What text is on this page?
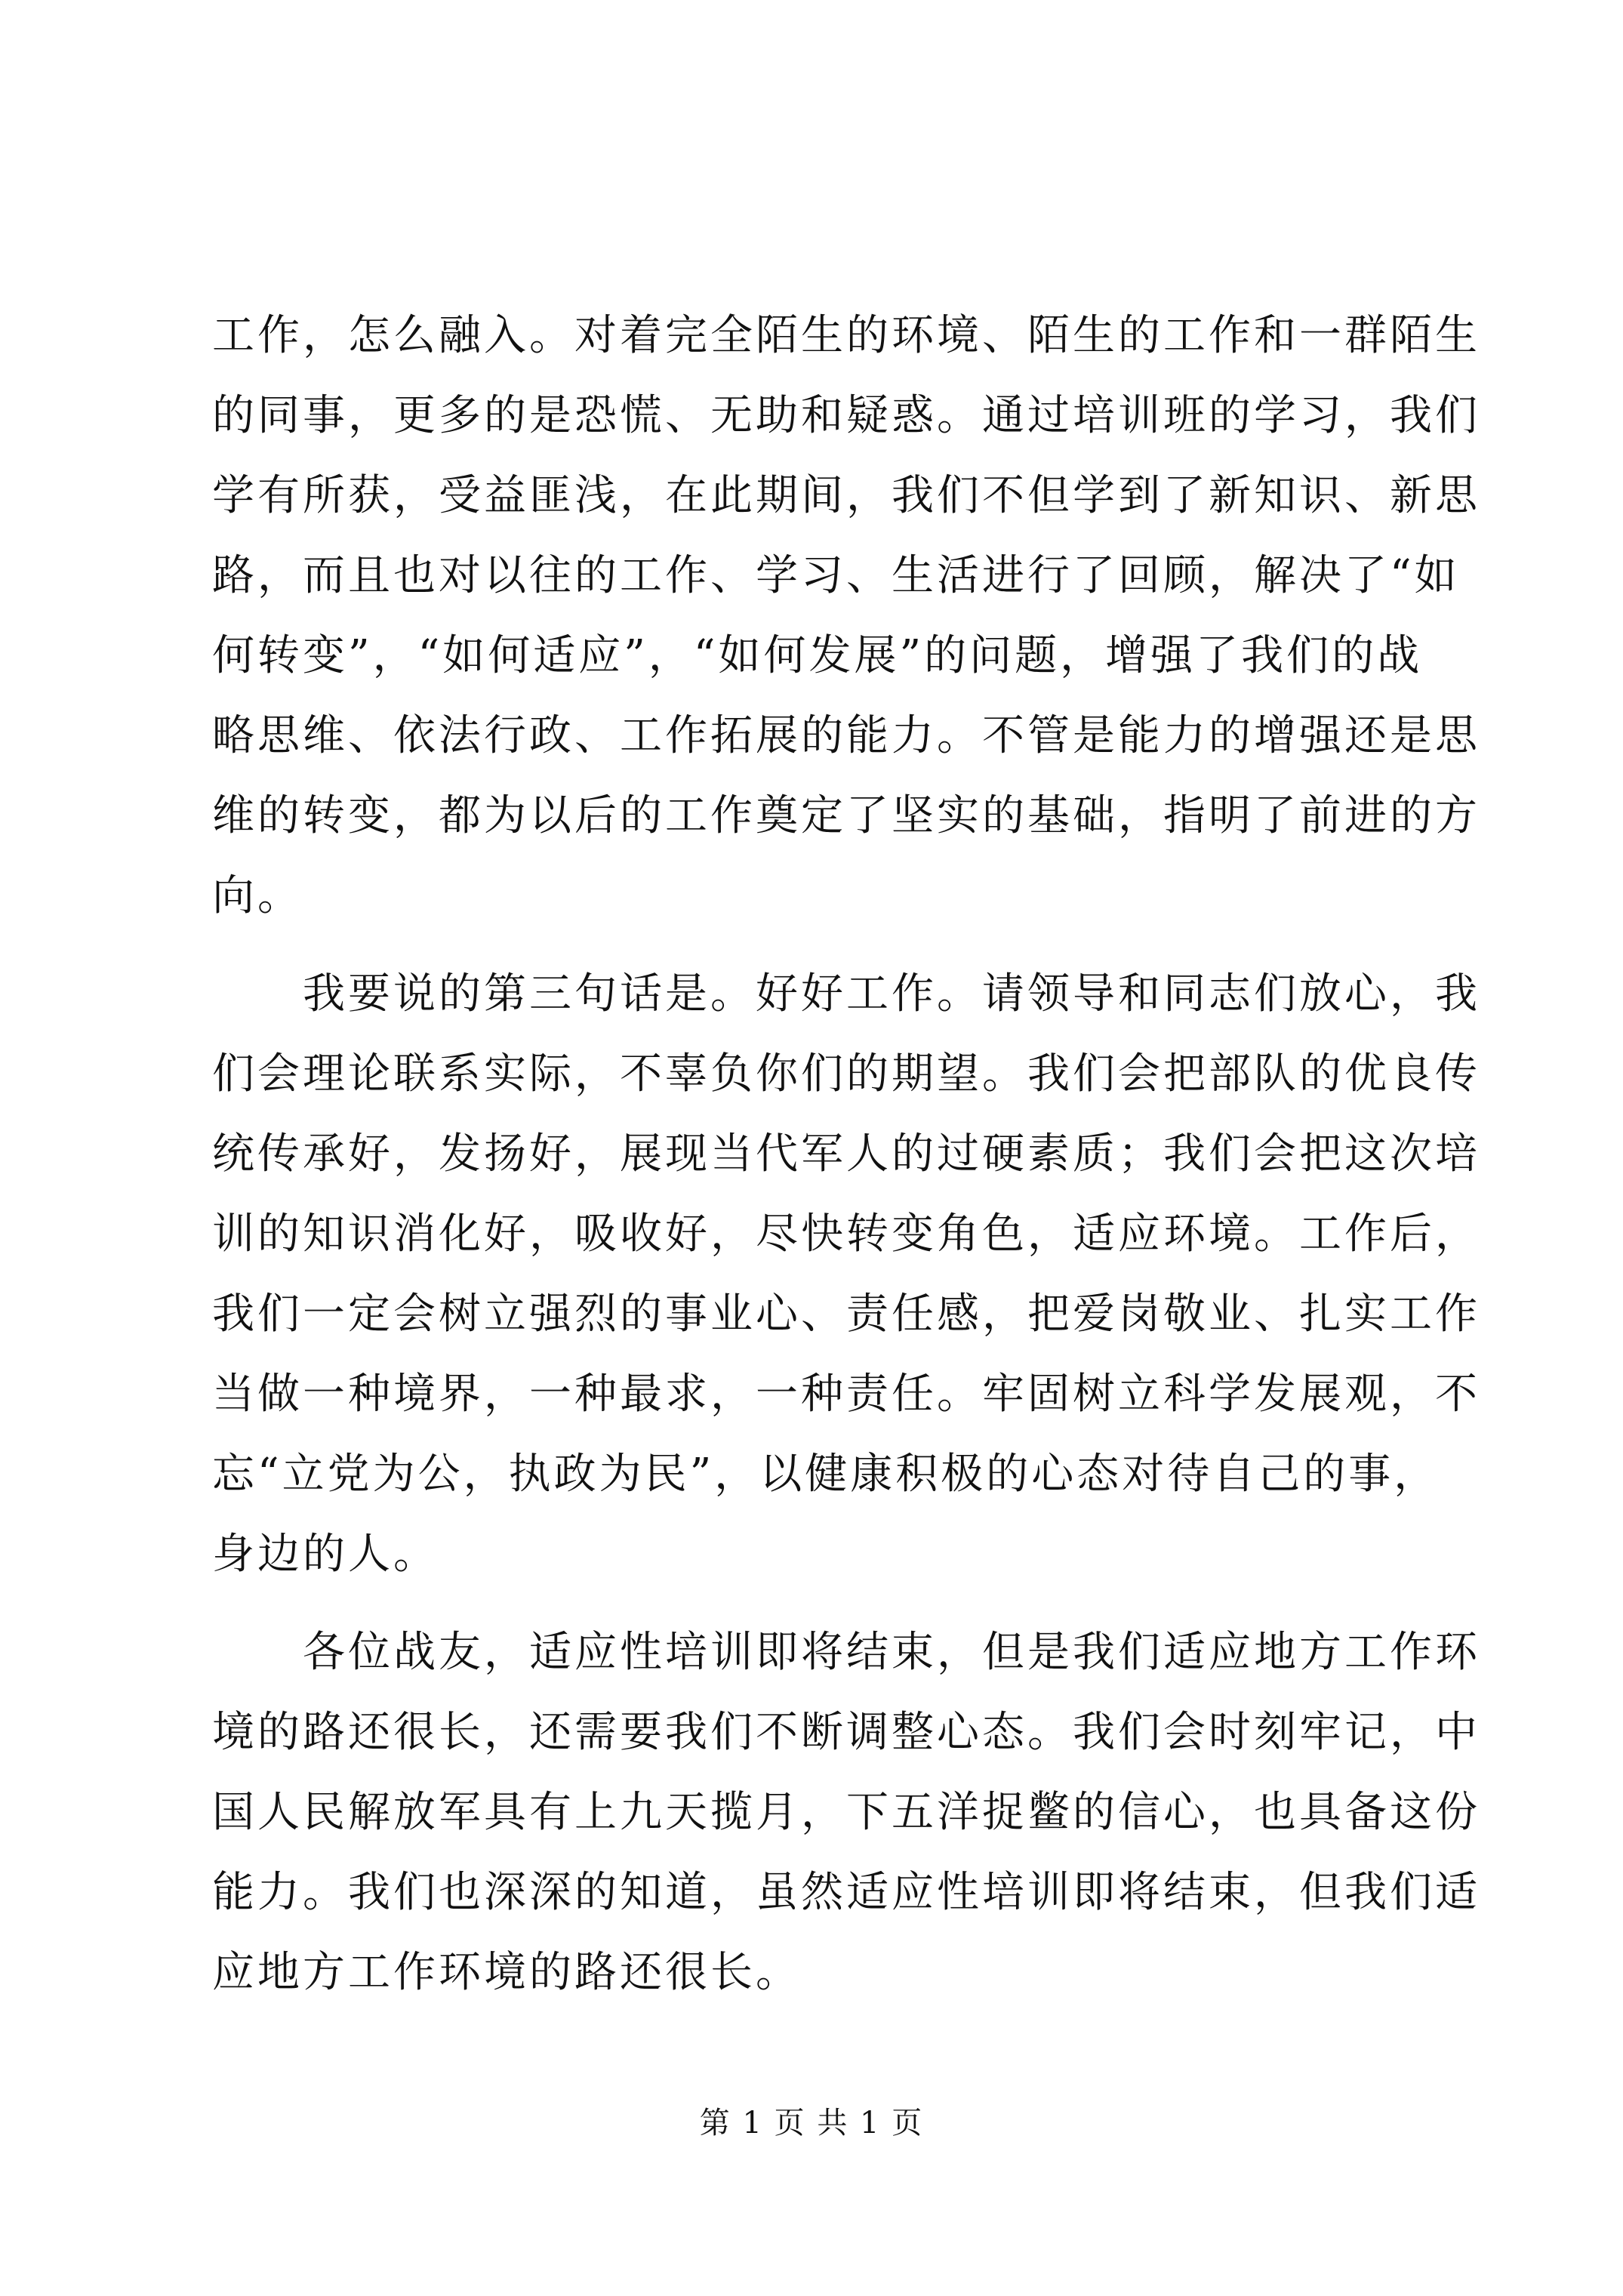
工作，怎么融入。对着完全陌生的环境、陌生的工作和一群陌生
的同事，更多的是恐慌、无助和疑惑。通过培训班的学习，我们
学有所获，受益匪浅，在此期间，我们不但学到了新知识、新思
路，而且也对以往的工作、学习、生活进行了回顾，解决了“如
何转变”，“如何适应”，“如何发展”的问题，增强了我们的战
略思维、依法行政、工作拓展的能力。不管是能力的增强还是思
维的转变，都为以后的工作奠定了坚实的基础，指明了前进的方
向。
　　我要说的第三句话是。好好工作。请领导和同志们放心，我
们会理论联系实际，不辜负你们的期望。我们会把部队的优良传
统传承好，发扬好，展现当代军人的过硬素质；我们会把这次培
训的知识消化好，吸收好，尽快转变角色，适应环境。工作后，
我们一定会树立强烈的事业心、责任感，把爱岗敬业、扎实工作
当做一种境界，一种最求，一种责任。牢固树立科学发展观，不
忘“立党为公，执政为民”，以健康积极的心态对待自己的事，
身边的人。
　　各位战友，适应性培训即将结束，但是我们适应地方工作环
境的路还很长，还需要我们不断调整心态。我们会时刻牢记，中
国人民解放军具有上九天揽月，下五洋捉鳖的信心，也具备这份
能力。我们也深深的知道，虽然适应性培训即将结束，但我们适
应地方工作环境的路还很长。
第 1 页 共 1 页
